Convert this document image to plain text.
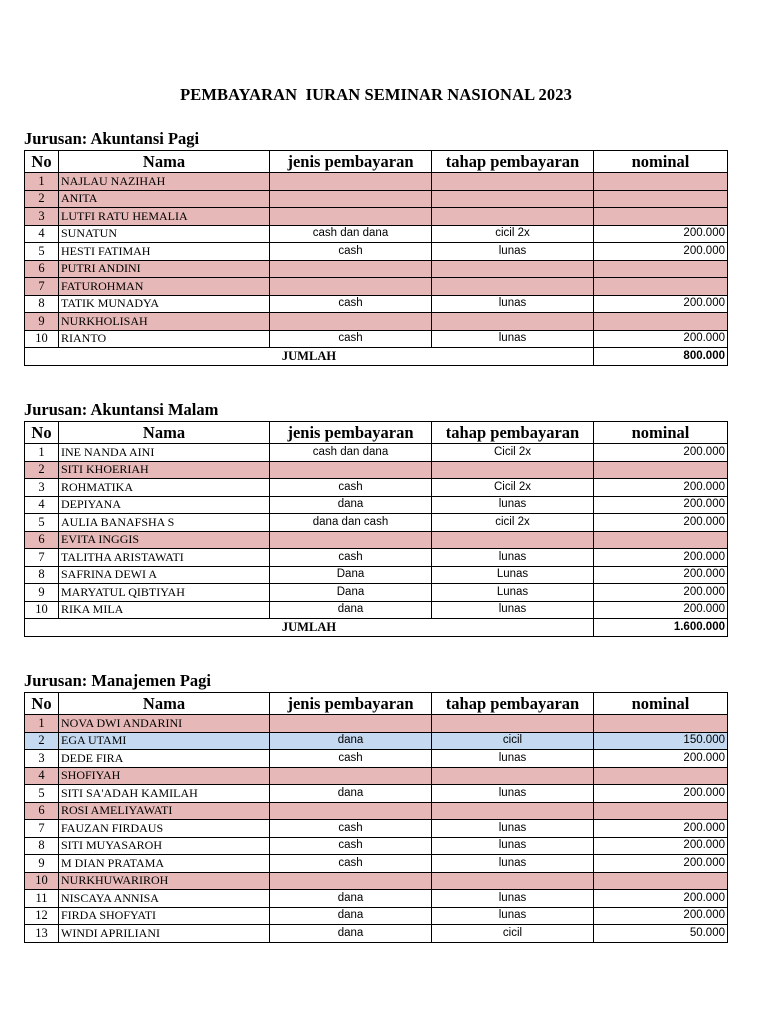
PEMBAYARAN  IURAN SEMINAR NASIONAL 2023
Jurusan: Akuntansi Pagi
No	Nama	jenis pembayaran	tahap pembayaran	nominal
1	NAJLAU NAZIHAH			
2	ANITA			
3	LUTFI RATU HEMALIA			
4	SUNATUN	cash dan dana	cicil 2x	200.000
5	HESTI FATIMAH	cash	lunas	200.000
6	PUTRI ANDINI			
7	FATUROHMAN			
8	TATIK MUNADYA	cash	lunas	200.000
9	NURKHOLISAH			
10	RIANTO	cash	lunas	200.000
JUMLAH				800.000
Jurusan: Akuntansi Malam
No	Nama	jenis pembayaran	tahap pembayaran	nominal
1	INE NANDA AINI	cash dan dana	Cicil 2x	200.000
2	SITI KHOERIAH			
3	ROHMATIKA	cash	Cicil 2x	200.000
4	DEPIYANA	dana	lunas	200.000
5	AULIA BANAFSHA S	dana dan cash	cicil 2x	200.000
6	EVITA INGGIS			
7	TALITHA ARISTAWATI	cash	lunas	200.000
8	SAFRINA DEWI A	Dana	Lunas	200.000
9	MARYATUL QIBTIYAH	Dana	Lunas	200.000
10	RIKA MILA	dana	lunas	200.000
JUMLAH				1.600.000
Jurusan: Manajemen Pagi
No	Nama	jenis pembayaran	tahap pembayaran	nominal
1	NOVA DWI ANDARINI			
2	EGA UTAMI	dana	cicil	150.000
3	DEDE FIRA	cash	lunas	200.000
4	SHOFIYAH			
5	SITI SA'ADAH KAMILAH	dana	lunas	200.000
6	ROSI AMELIYAWATI			
7	FAUZAN FIRDAUS	cash	lunas	200.000
8	SITI MUYASAROH	cash	lunas	200.000
9	M DIAN PRATAMA	cash	lunas	200.000
10	NURKHUWARIROH			
11	NISCAYA ANNISA	dana	lunas	200.000
12	FIRDA SHOFYATI	dana	lunas	200.000
13	WINDI APRILIANI	dana	cicil	50.000
